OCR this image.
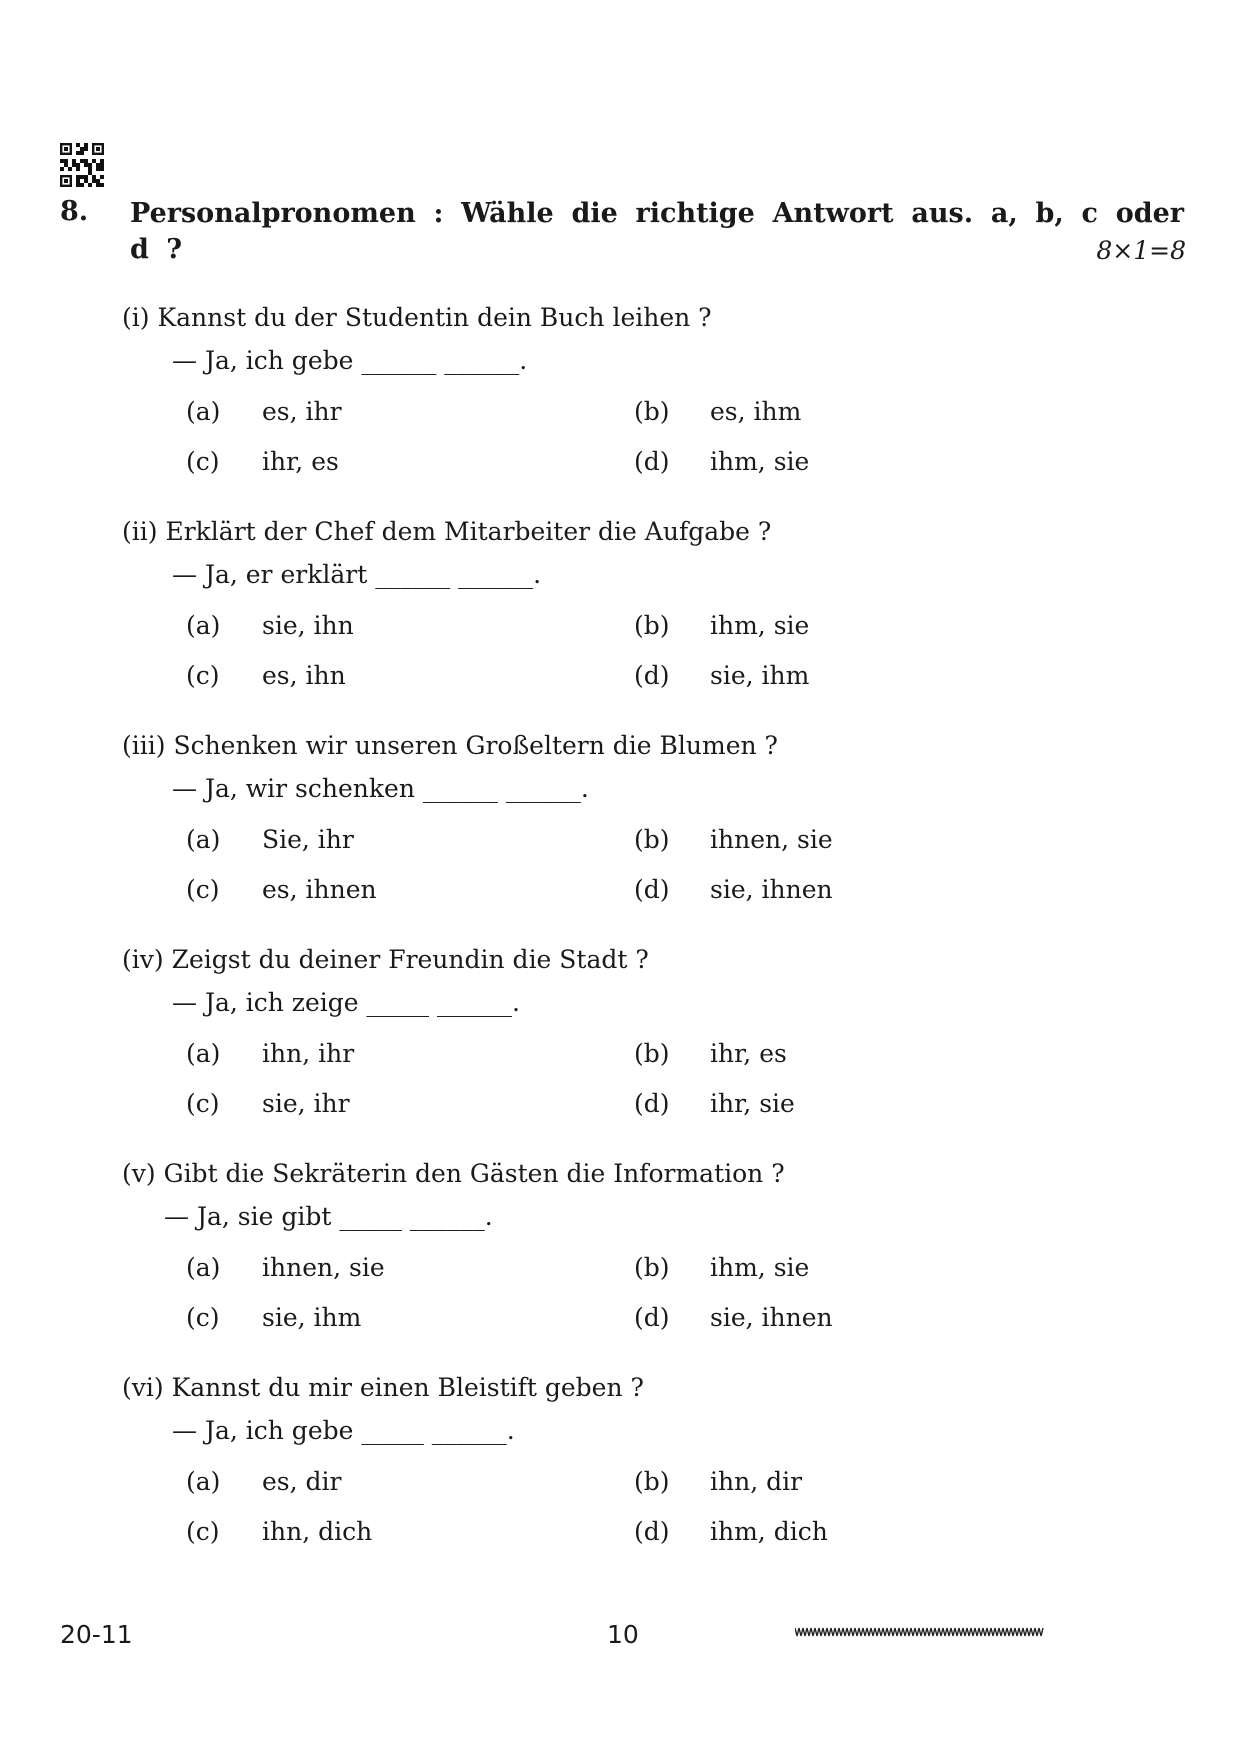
8. Personalpronomen : Wähle die richtige Antwort aus. a, b, c oder d ?	8×1=8
(i) Kannst du der Studentin dein Buch leihen ?
— Ja, ich gebe ______ ______.
(a) es, ihr	(b) es, ihm
(c) ihr, es	(d) ihm, sie
(ii) Erklärt der Chef dem Mitarbeiter die Aufgabe ?
— Ja, er erklärt ______ ______.
(a) sie, ihn	(b) ihm, sie
(c) es, ihn	(d) sie, ihm
(iii) Schenken wir unseren Großeltern die Blumen ?
— Ja, wir schenken ______ ______.
(a) Sie, ihr	(b) ihnen, sie
(c) es, ihnen	(d) sie, ihnen
(iv) Zeigst du deiner Freundin die Stadt ?
— Ja, ich zeige _____ ______.
(a) ihn, ihr	(b) ihr, es
(c) sie, ihr	(d) ihr, sie
(v) Gibt die Sekräterin den Gästen die Information ?
— Ja, sie gibt _____ ______.
(a) ihnen, sie	(b) ihm, sie
(c) sie, ihm	(d) sie, ihnen
(vi) Kannst du mir einen Bleistift geben ?
— Ja, ich gebe _____ ______.
(a) es, dir	(b) ihn, dir
(c) ihn, dich	(d) ihm, dich
20-11	10
